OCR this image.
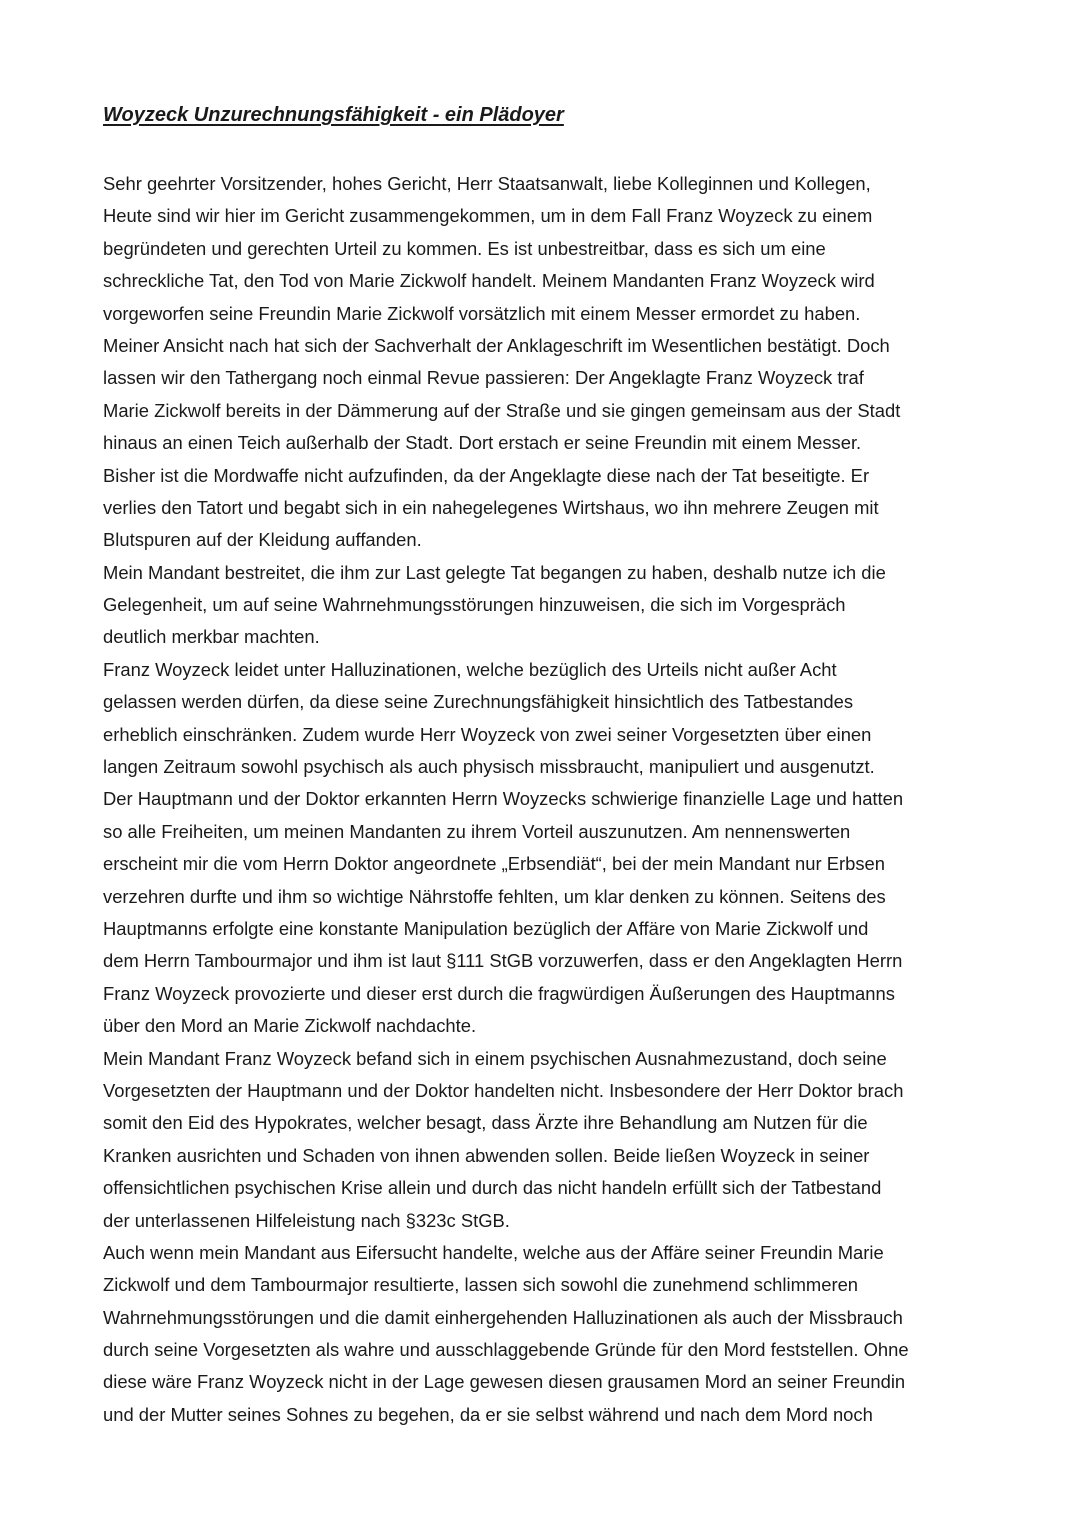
Woyzeck Unzurechnungsfähigkeit - ein Plädoyer
Sehr geehrter Vorsitzender, hohes Gericht, Herr Staatsanwalt, liebe Kolleginnen und Kollegen,
Heute sind wir hier im Gericht zusammengekommen, um in dem Fall Franz Woyzeck zu einem
begründeten und gerechten Urteil zu kommen. Es ist unbestreitbar, dass es sich um eine
schreckliche Tat, den Tod von Marie Zickwolf handelt. Meinem Mandanten Franz Woyzeck wird
vorgeworfen seine Freundin Marie Zickwolf vorsätzlich mit einem Messer ermordet zu haben.
Meiner Ansicht nach hat sich der Sachverhalt der Anklageschrift im Wesentlichen bestätigt. Doch
lassen wir den Tathergang noch einmal Revue passieren: Der Angeklagte Franz Woyzeck traf
Marie Zickwolf bereits in der Dämmerung auf der Straße und sie gingen gemeinsam aus der Stadt
hinaus an einen Teich außerhalb der Stadt. Dort erstach er seine Freundin mit einem Messer.
Bisher ist die Mordwaffe nicht aufzufinden, da der Angeklagte diese nach der Tat beseitigte. Er
verlies den Tatort und begabt sich in ein nahegelegenes Wirtshaus, wo ihn mehrere Zeugen mit
Blutspuren auf der Kleidung auffanden.
Mein Mandant bestreitet, die ihm zur Last gelegte Tat begangen zu haben, deshalb nutze ich die
Gelegenheit, um auf seine Wahrnehmungsstörungen hinzuweisen, die sich im Vorgespräch
deutlich merkbar machten.
Franz Woyzeck leidet unter Halluzinationen, welche bezüglich des Urteils nicht außer Acht
gelassen werden dürfen, da diese seine Zurechnungsfähigkeit hinsichtlich des Tatbestandes
erheblich einschränken. Zudem wurde Herr Woyzeck von zwei seiner Vorgesetzten über einen
langen Zeitraum sowohl psychisch als auch physisch missbraucht, manipuliert und ausgenutzt.
Der Hauptmann und der Doktor erkannten Herrn Woyzecks schwierige finanzielle Lage und hatten
so alle Freiheiten, um meinen Mandanten zu ihrem Vorteil auszunutzen. Am nennenswerten
erscheint mir die vom Herrn Doktor angeordnete „Erbsendiät“, bei der mein Mandant nur Erbsen
verzehren durfte und ihm so wichtige Nährstoffe fehlten, um klar denken zu können. Seitens des
Hauptmanns erfolgte eine konstante Manipulation bezüglich der Affäre von Marie Zickwolf und
dem Herrn Tambourmajor und ihm ist laut §111 StGB vorzuwerfen, dass er den Angeklagten Herrn
Franz Woyzeck provozierte und dieser erst durch die fragwürdigen Äußerungen des Hauptmanns
über den Mord an Marie Zickwolf nachdachte.
Mein Mandant Franz Woyzeck befand sich in einem psychischen Ausnahmezustand, doch seine
Vorgesetzten der Hauptmann und der Doktor handelten nicht. Insbesondere der Herr Doktor brach
somit den Eid des Hypokrates, welcher besagt, dass Ärzte ihre Behandlung am Nutzen für die
Kranken ausrichten und Schaden von ihnen abwenden sollen. Beide ließen Woyzeck in seiner
offensichtlichen psychischen Krise allein und durch das nicht handeln erfüllt sich der Tatbestand
der unterlassenen Hilfeleistung nach §323c StGB.
Auch wenn mein Mandant aus Eifersucht handelte, welche aus der Affäre seiner Freundin Marie
Zickwolf und dem Tambourmajor resultierte, lassen sich sowohl die zunehmend schlimmeren
Wahrnehmungsstörungen und die damit einhergehenden Halluzinationen als auch der Missbrauch
durch seine Vorgesetzten als wahre und ausschlaggebende Gründe für den Mord feststellen. Ohne
diese wäre Franz Woyzeck nicht in der Lage gewesen diesen grausamen Mord an seiner Freundin
und der Mutter seines Sohnes zu begehen, da er sie selbst während und nach dem Mord noch
